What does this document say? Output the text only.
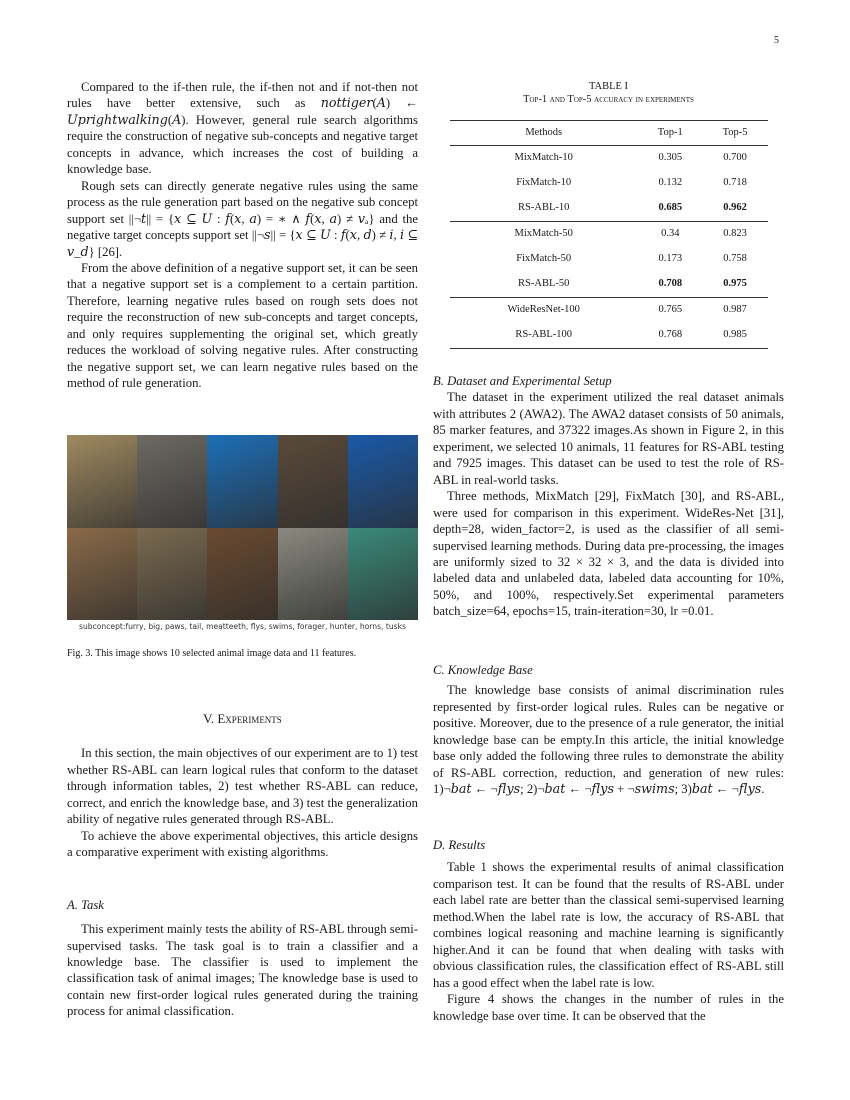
5

Compared to the if-then rule, the if-then not and if not-then not rules have better extensive, such as 𝑛𝑜𝑡𝑡𝑖𝑔𝑒𝑟(𝐴) ← 𝑈𝑝𝑟𝑖𝑔ℎ𝑡𝑤𝑎𝑙𝑘𝑖𝑛𝑔(𝐴). However, general rule search algorithms require the construction of negative sub-concepts and negative target concepts in advance, which increases the cost of building a knowledge base.

Rough sets can directly generate negative rules using the same process as the rule generation part based on the negative sub concept support set ||¬𝑡|| = {𝑥 ⊆ 𝑈 : 𝑓(𝑥, 𝑎) = ∗ ∧ 𝑓(𝑥, 𝑎) ≠ 𝑣ₐ} and the negative target concepts support set ||¬𝑠|| = {𝑥 ⊆ 𝑈 : 𝑓(𝑥, 𝑑) ≠ 𝑖, 𝑖 ⊆ 𝑣_𝑑} [26].

From the above definition of a negative support set, it can be seen that a negative support set is a complement to a certain partition. Therefore, learning negative rules based on rough sets does not require the reconstruction of new sub-concepts and target concepts, and only requires supplementing the original set, which greatly reduces the workload of solving negative rules. After constructing the negative support set, we can learn negative rules based on the method of rule generation.

subconcept:furry, big, paws, tail, meatteeth, flys, swims, forager, hunter, horns, tusks
Fig. 3. This image shows 10 selected animal image data and 11 features.

V. Experiments

In this section, the main objectives of our experiment are to 1) test whether RS-ABL can learn logical rules that conform to the dataset through information tables, 2) test whether RS-ABL can reduce, correct, and enrich the knowledge base, and 3) test the generalization ability of negative rules generated through RS-ABL.

To achieve the above experimental objectives, this article designs a comparative experiment with existing algorithms.

A. Task

This experiment mainly tests the ability of RS-ABL through semi-supervised tasks. The task goal is to train a classifier and a knowledge base. The classifier is used to implement the classification task of animal images; The knowledge base is used to contain new first-order logical rules generated during the training process for animal classification.

TABLE I
Top-1 and Top-5 accuracy in experiments
Methods	Top-1	Top-5
MixMatch-10	0.305	0.700
FixMatch-10	0.132	0.718
RS-ABL-10	0.685	0.962
MixMatch-50	0.34	0.823
FixMatch-50	0.173	0.758
RS-ABL-50	0.708	0.975
WideResNet-100	0.765	0.987
RS-ABL-100	0.768	0.985

B. Dataset and Experimental Setup

The dataset in the experiment utilized the real dataset animals with attributes 2 (AWA2). The AWA2 dataset consists of 50 animals, 85 marker features, and 37322 images.As shown in Figure 2, in this experiment, we selected 10 animals, 11 features for RS-ABL testing and 7925 images. This dataset can be used to test the role of RS-ABL in real-world tasks.

Three methods, MixMatch [29], FixMatch [30], and RS-ABL, were used for comparison in this experiment. WideRes-Net [31], depth=28, widen_factor=2, is used as the classifier of all semi-supervised learning methods. During data pre-processing, the images are uniformly sized to 32 × 32 × 3, and the data is divided into labeled data and unlabeled data, labeled data accounting for 10%, 50%, and 100%, respectively.Set experimental parameters batch_size=64, epochs=15, train-iteration=30, lr =0.01.

C. Knowledge Base

The knowledge base consists of animal discrimination rules represented by first-order logical rules. Rules can be negative or positive. Moreover, due to the presence of a rule generator, the initial knowledge base can be empty.In this article, the initial knowledge base only added the following three rules to demonstrate the ability of RS-ABL correction, reduction, and generation of new rules: 1)¬𝑏𝑎𝑡 ← ¬𝑓𝑙𝑦𝑠; 2)¬𝑏𝑎𝑡 ← ¬𝑓𝑙𝑦𝑠 + ¬𝑠𝑤𝑖𝑚𝑠; 3)𝑏𝑎𝑡 ← ¬𝑓𝑙𝑦𝑠.

D. Results

Table 1 shows the experimental results of animal classification comparison test. It can be found that the results of RS-ABL under each label rate are better than the classical semi-supervised learning method.When the label rate is low, the accuracy of RS-ABL that combines logical reasoning and machine learning is significantly higher.And it can be found that when dealing with tasks with obvious classification rules, the classification effect of RS-ABL still has a good effect when the label rate is low.

Figure 4 shows the changes in the number of rules in the knowledge base over time. It can be observed that the
